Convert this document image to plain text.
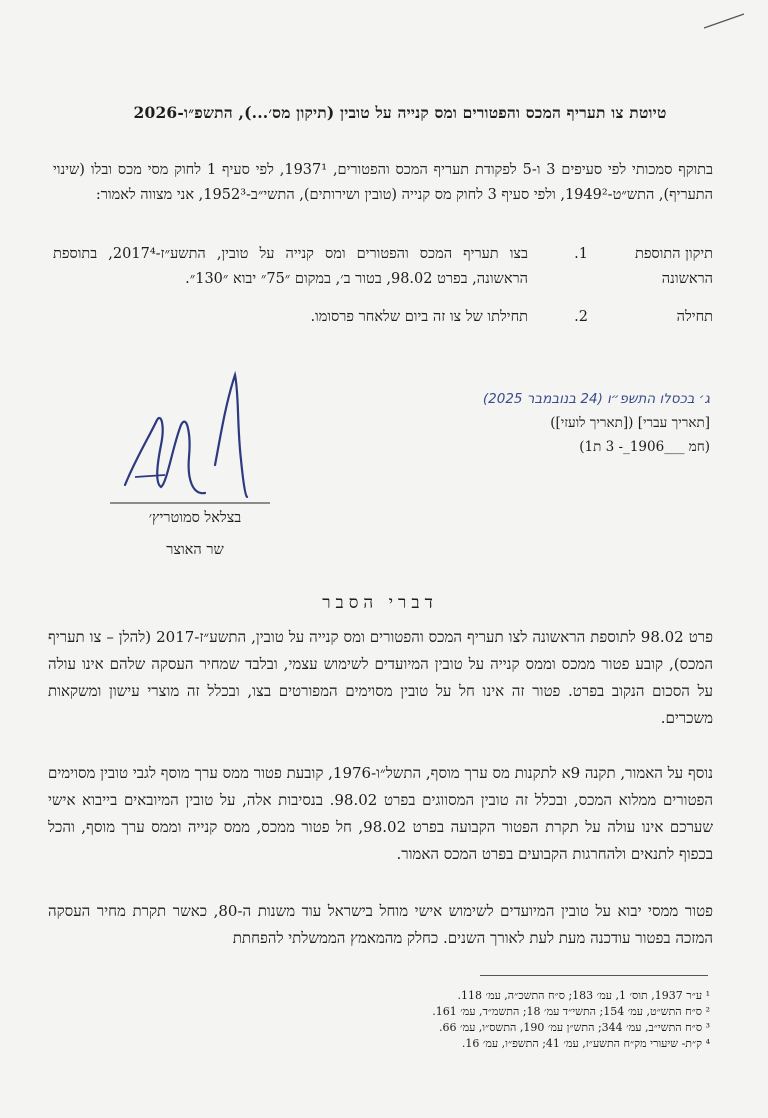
טיוטת צו תעריף המכס והפטורים ומס קנייה על טובין (תיקון מס׳...), התשפ״ו-2026
בתוקף סמכותי לפי סעיפים 3 ו-5 לפקודת תעריף המכס והפטורים, 1937¹, לפי סעיף 1 לחוק מסי מכס ובלו (שינוי התעריף), התש״ט-1949², ולפי סעיף 3 לחוק מס קנייה (טובין ושירותים), התשי״ב-1952³, אני מצווה לאמור:
תיקון התוספת הראשונה
1.
בצו תעריף המכס והפטורים ומס קנייה על טובין, התשע״ז-2017⁴, בתוספת הראשונה, בפרט 98.02, בטור ב׳, במקום ״75״ יבוא ״130״.
תחילה
2.
תחילתו של צו זה ביום שלאחר פרסומו.
ג׳ בכסלו התשפ״ו (24 בנובמבר 2025)
[תאריך עברי] ([תאריך לועזי])
(חמ ___1906_- 3 ת1)
בצלאל סמוטריץ׳
שר האוצר
דברי הסבר
פרט 98.02 לתוספת הראשונה לצו תעריף המכס והפטורים ומס קנייה על טובין, התשע״ז-2017 (להלן – צו תעריף המכס), קובע פטור ממכס וממס קנייה על טובין המיועדים לשימוש עצמי, ובלבד שמחיר העסקה שלהם אינו עולה על הסכום הנקוב בפרט. פטור זה אינו חל על טובין מסוימים המפורטים בצו, ובכלל זה מוצרי עישון ומשקאות משכרים.
נוסף על האמור, תקנה 9א לתקנות מס ערך מוסף, התשל״ו-1976, קובעת פטור ממס ערך מוסף לגבי טובין מסוימים הפטורים ממלוא המכס, ובכלל זה טובין המסווגים בפרט 98.02. בנסיבות אלה, על טובין המיובאים בייבוא אישי שערכם אינו עולה על תקרת הפטור הקבועה בפרט 98.02, חל פטור ממכס, ממס קנייה וממס ערך מוסף, והכל בכפוף לתנאים ולהחרגות הקבועים בפרט המכס האמור.
פטור ממסי יבוא על טובין המיועדים לשימוש אישי מוחל בישראל עוד משנות ה-80, כאשר תקרת מחיר העסקה המזכה בפטור עודכנה מעת לעת לאורך השנים. כחלק מהמאמץ הממשלתי להפחתת
¹ ע״ר 1937, תוס׳ 1, עמ׳ 183; ס״ח התשכ״ה, עמ׳ 118.
² ס״ח התש״ט, עמ׳ 154; התשי״ד עמ׳ 18; התשמ״ד, עמ׳ 161.
³ ס״ח התשי״ב, עמ׳ 344; התש״ן עמ׳ 190, התשס״ו, עמ׳ 66.
⁴ ק״ת- שיעורי מק״ח התשע״ז, עמ׳ 41; התשפ״ו, עמ׳ 16.
